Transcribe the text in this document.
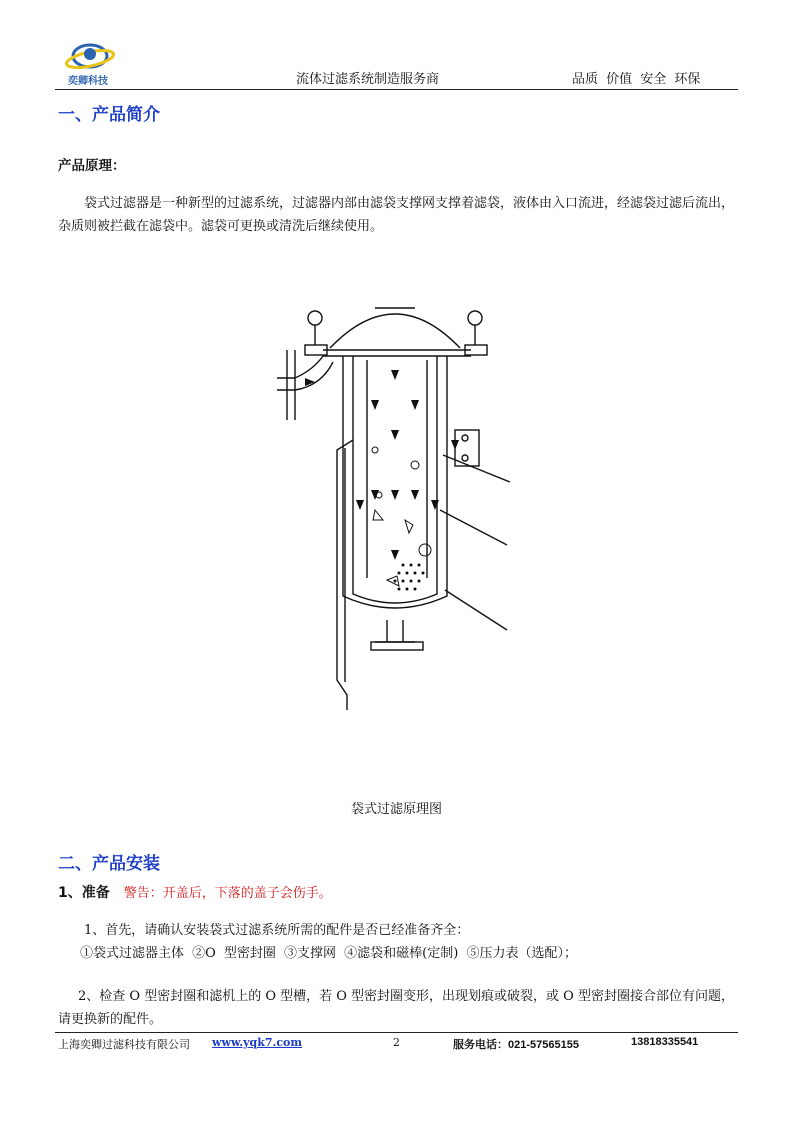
奕卿科技	流体过滤系统制造服务商	品质 价值 安全 环保
一、产品简介
产品原理：
袋式过滤器是一种新型的过滤系统，过滤器内部由滤袋支撑网支撑着滤袋，液体由入口流进，经滤袋过滤后流出，杂质则被拦截在滤袋中。滤袋可更换或清洗后继续使用。
袋式过滤原理图
二、产品安装
1、准备 警告：开盖后，下落的盖子会伤手。
1、首先，请确认安装袋式过滤系统所需的配件是否已经准备齐全：
①袋式过滤器主体 ②O 型密封圈 ③支撑网 ④滤袋和磁棒(定制) ⑤压力表（选配）；
2、检查 O 型密封圈和滤机上的 O 型槽，若 O 型密封圈变形，出现划痕或破裂，或 O 型密封圈接合部位有问题，请更换新的配件。
上海奕卿过滤科技有限公司 www.yqk7.com	2	服务电话：021-57565155	13818335541
